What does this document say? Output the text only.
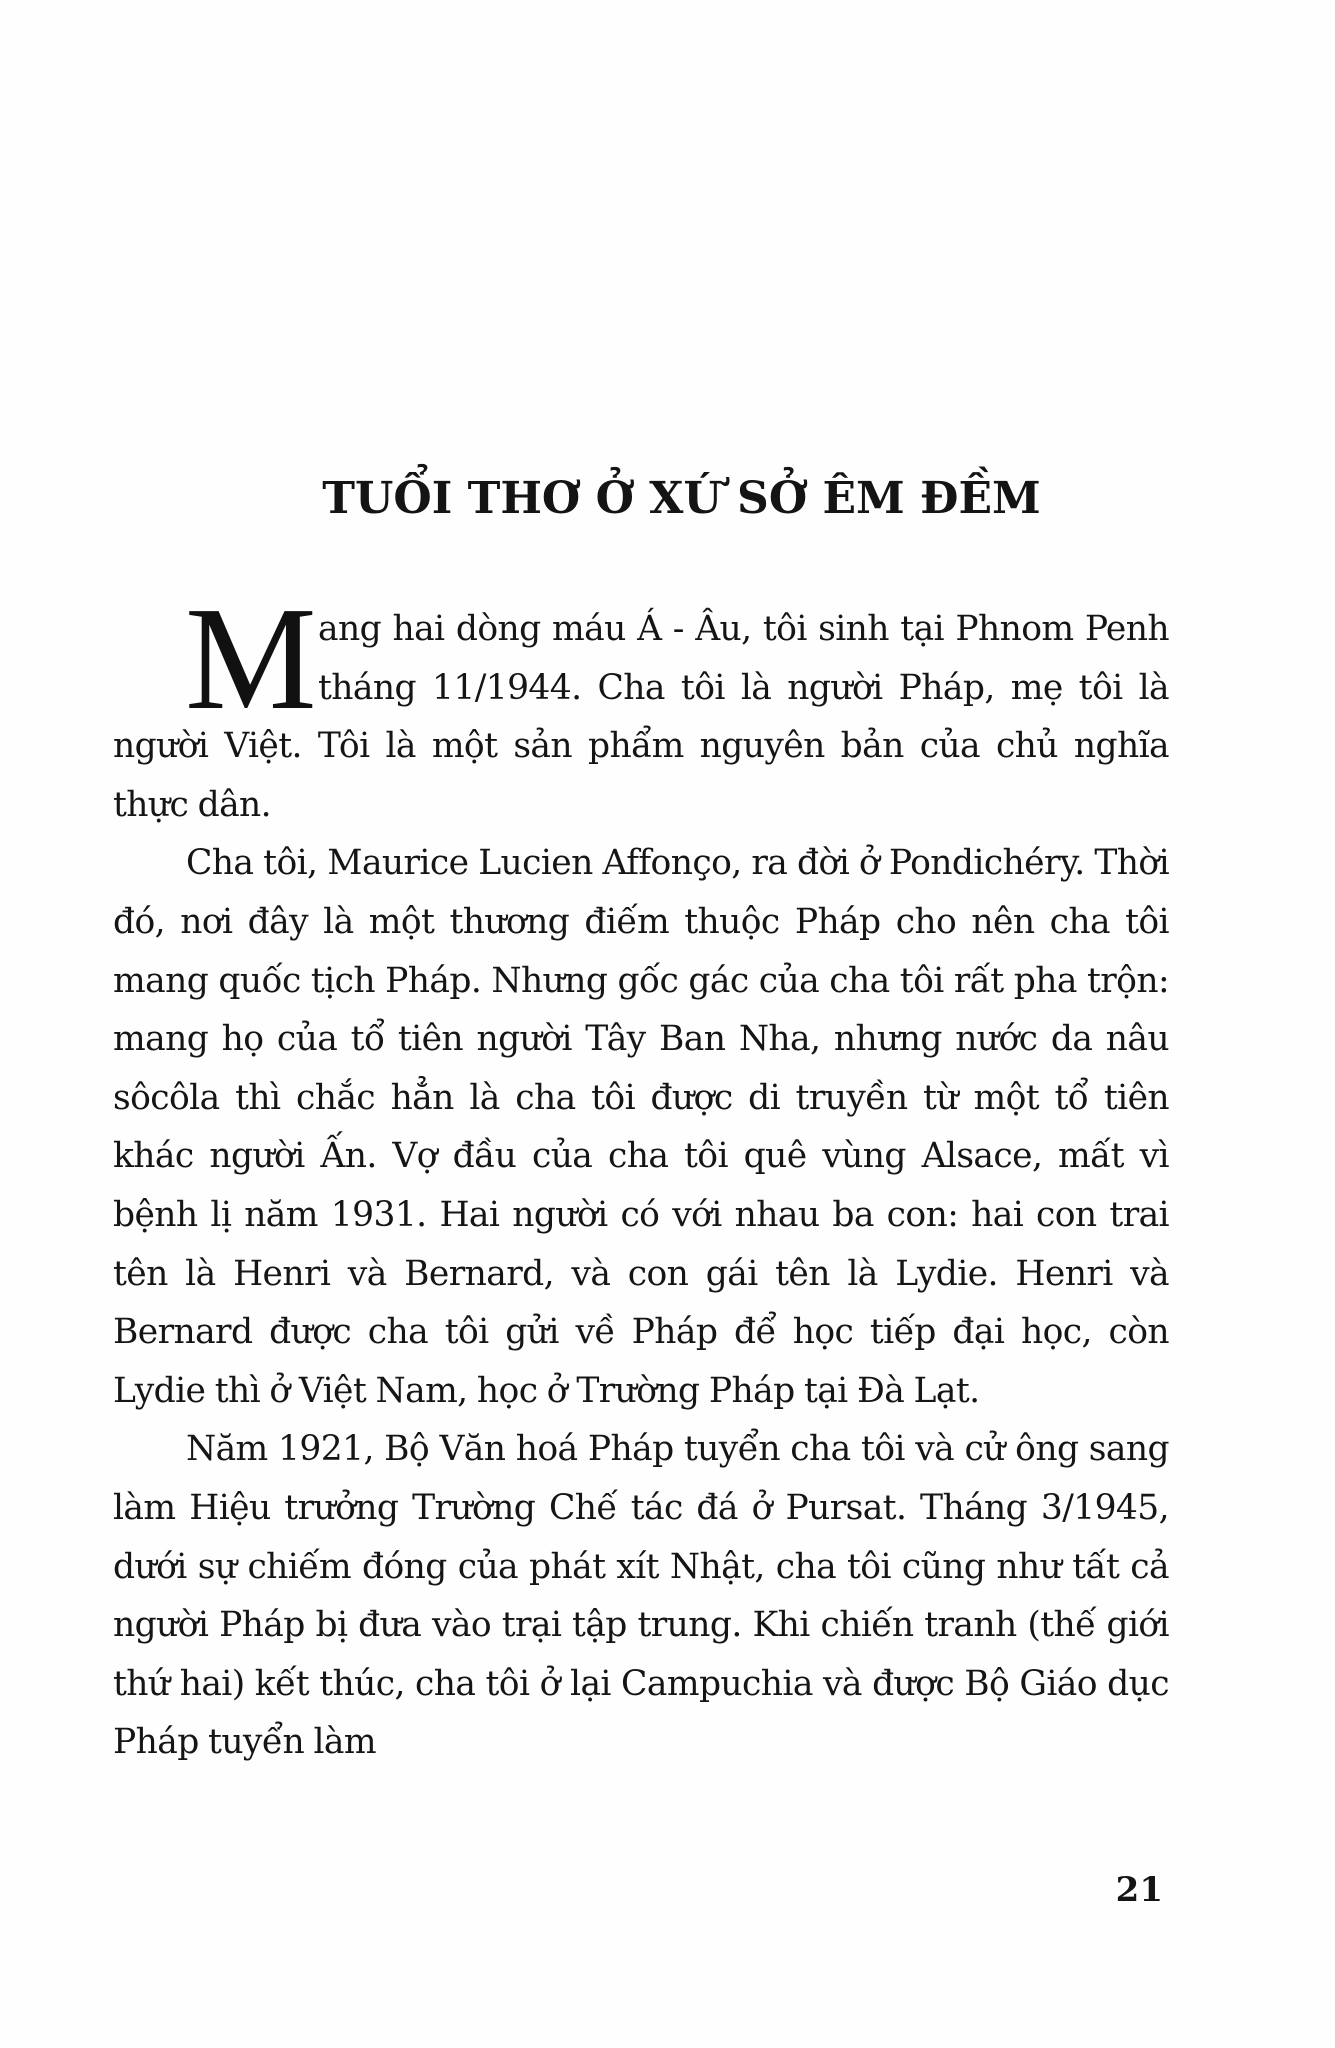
TUỔI THƠ Ở XỨ SỞ ÊM ĐỀM

Mang hai dòng máu Á - Âu, tôi sinh tại Phnom Penh tháng 11/1944. Cha tôi là người Pháp, mẹ tôi là người Việt. Tôi là một sản phẩm nguyên bản của chủ nghĩa thực dân.

Cha tôi, Maurice Lucien Affonço, ra đời ở Pondichéry. Thời đó, nơi đây là một thương điếm thuộc Pháp cho nên cha tôi mang quốc tịch Pháp. Nhưng gốc gác của cha tôi rất pha trộn: mang họ của tổ tiên người Tây Ban Nha, nhưng nước da nâu sôcôla thì chắc hẳn là cha tôi được di truyền từ một tổ tiên khác người Ấn. Vợ đầu của cha tôi quê vùng Alsace, mất vì bệnh lị năm 1931. Hai người có với nhau ba con: hai con trai tên là Henri và Bernard, và con gái tên là Lydie. Henri và Bernard được cha tôi gửi về Pháp để học tiếp đại học, còn Lydie thì ở Việt Nam, học ở Trường Pháp tại Đà Lạt.

Năm 1921, Bộ Văn hoá Pháp tuyển cha tôi và cử ông sang làm Hiệu trưởng Trường Chế tác đá ở Pursat. Tháng 3/1945, dưới sự chiếm đóng của phát xít Nhật, cha tôi cũng như tất cả người Pháp bị đưa vào trại tập trung. Khi chiến tranh (thế giới thứ hai) kết thúc, cha tôi ở lại Campuchia và được Bộ Giáo dục Pháp tuyển làm

21
